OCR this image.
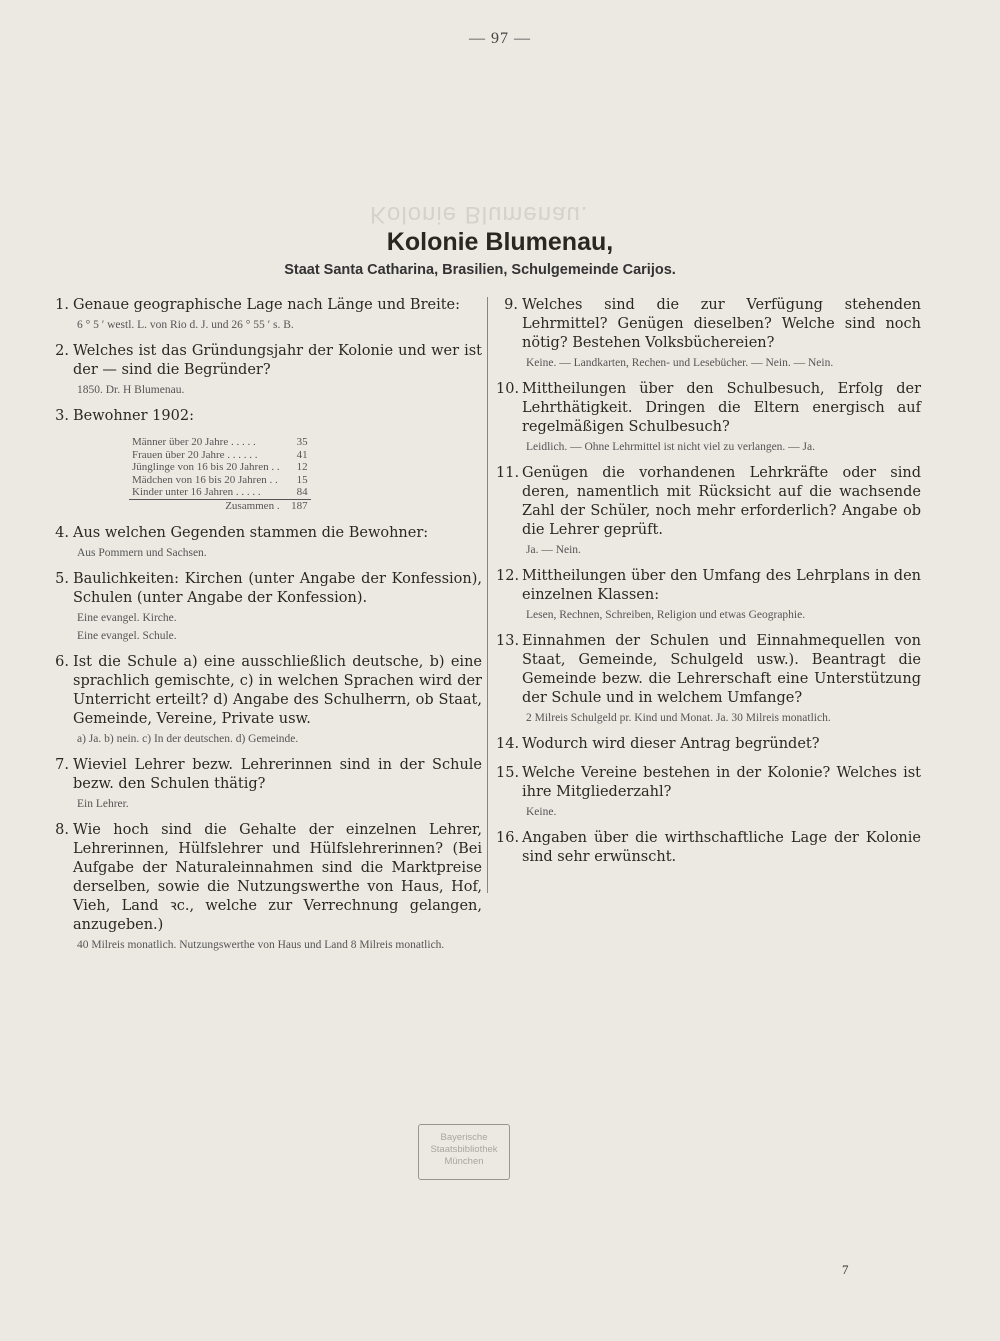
— 97 —
Kolonie Blumenau.
Kolonie Blumenau,
Staat Santa Catharina, Brasilien, Schulgemeinde Carijos.
1. Genaue geographische Lage nach Länge und Breite:
6 ° 5 ′ westl. L. von Rio d. J. und 26 ° 55 ′ s. B.
2. Welches ist das Gründungsjahr der Kolonie und wer ist der — sind die Begründer?
1850. Dr. H Blumenau.
3. Bewohner 1902:
Männer über 20 Jahre . . . . .	35
Frauen über 20 Jahre . . . . . .	41
Jünglinge von 16 bis 20 Jahren . .	12
Mädchen von 16 bis 20 Jahren . .	15
Kinder unter 16 Jahren . . . . .	84
Zusammen .	187
4. Aus welchen Gegenden stammen die Bewohner:
Aus Pommern und Sachsen.
5. Baulichkeiten: Kirchen (unter Angabe der Konfession), Schulen (unter Angabe der Konfession).
Eine evangel. Kirche.
Eine evangel. Schule.
6. Ist die Schule a) eine ausschließlich deutsche, b) eine sprachlich gemischte, c) in welchen Sprachen wird der Unterricht erteilt? d) Angabe des Schulherrn, ob Staat, Gemeinde, Vereine, Private usw.
a) Ja. b) nein. c) In der deutschen. d) Gemeinde.
7. Wieviel Lehrer bezw. Lehrerinnen sind in der Schule bezw. den Schulen thätig?
Ein Lehrer.
8. Wie hoch sind die Gehalte der einzelnen Lehrer, Lehrerinnen, Hülfslehrer und Hülfslehrerinnen? (Bei Aufgabe der Naturaleinnahmen sind die Marktpreise derselben, sowie die Nutzungswerthe von Haus, Hof, Vieh, Land ꝛc., welche zur Verrechnung gelangen, anzugeben.)
40 Milreis monatlich. Nutzungswerthe von Haus und Land 8 Milreis monatlich.
9. Welches sind die zur Verfügung stehenden Lehrmittel? Genügen dieselben? Welche sind noch nötig? Bestehen Volksbüchereien?
Keine. — Landkarten, Rechen- und Lesebücher. — Nein. — Nein.
10. Mittheilungen über den Schulbesuch, Erfolg der Lehrthätigkeit. Dringen die Eltern energisch auf regelmäßigen Schulbesuch?
Leidlich. — Ohne Lehrmittel ist nicht viel zu verlangen. — Ja.
11. Genügen die vorhandenen Lehrkräfte oder sind deren, namentlich mit Rücksicht auf die wachsende Zahl der Schüler, noch mehr erforderlich? Angabe ob die Lehrer geprüft.
Ja. — Nein.
12. Mittheilungen über den Umfang des Lehrplans in den einzelnen Klassen:
Lesen, Rechnen, Schreiben, Religion und etwas Geographie.
13. Einnahmen der Schulen und Einnahmequellen von Staat, Gemeinde, Schulgeld usw.). Beantragt die Gemeinde bezw. die Lehrerschaft eine Unterstützung der Schule und in welchem Umfange?
2 Milreis Schulgeld pr. Kind und Monat. Ja. 30 Milreis monatlich.
14. Wodurch wird dieser Antrag begründet?
15. Welche Vereine bestehen in der Kolonie? Welches ist ihre Mitgliederzahl?
Keine.
16. Angaben über die wirthschaftliche Lage der Kolonie sind sehr erwünscht.
Bayerische
Staatsbibliothek
München
7
